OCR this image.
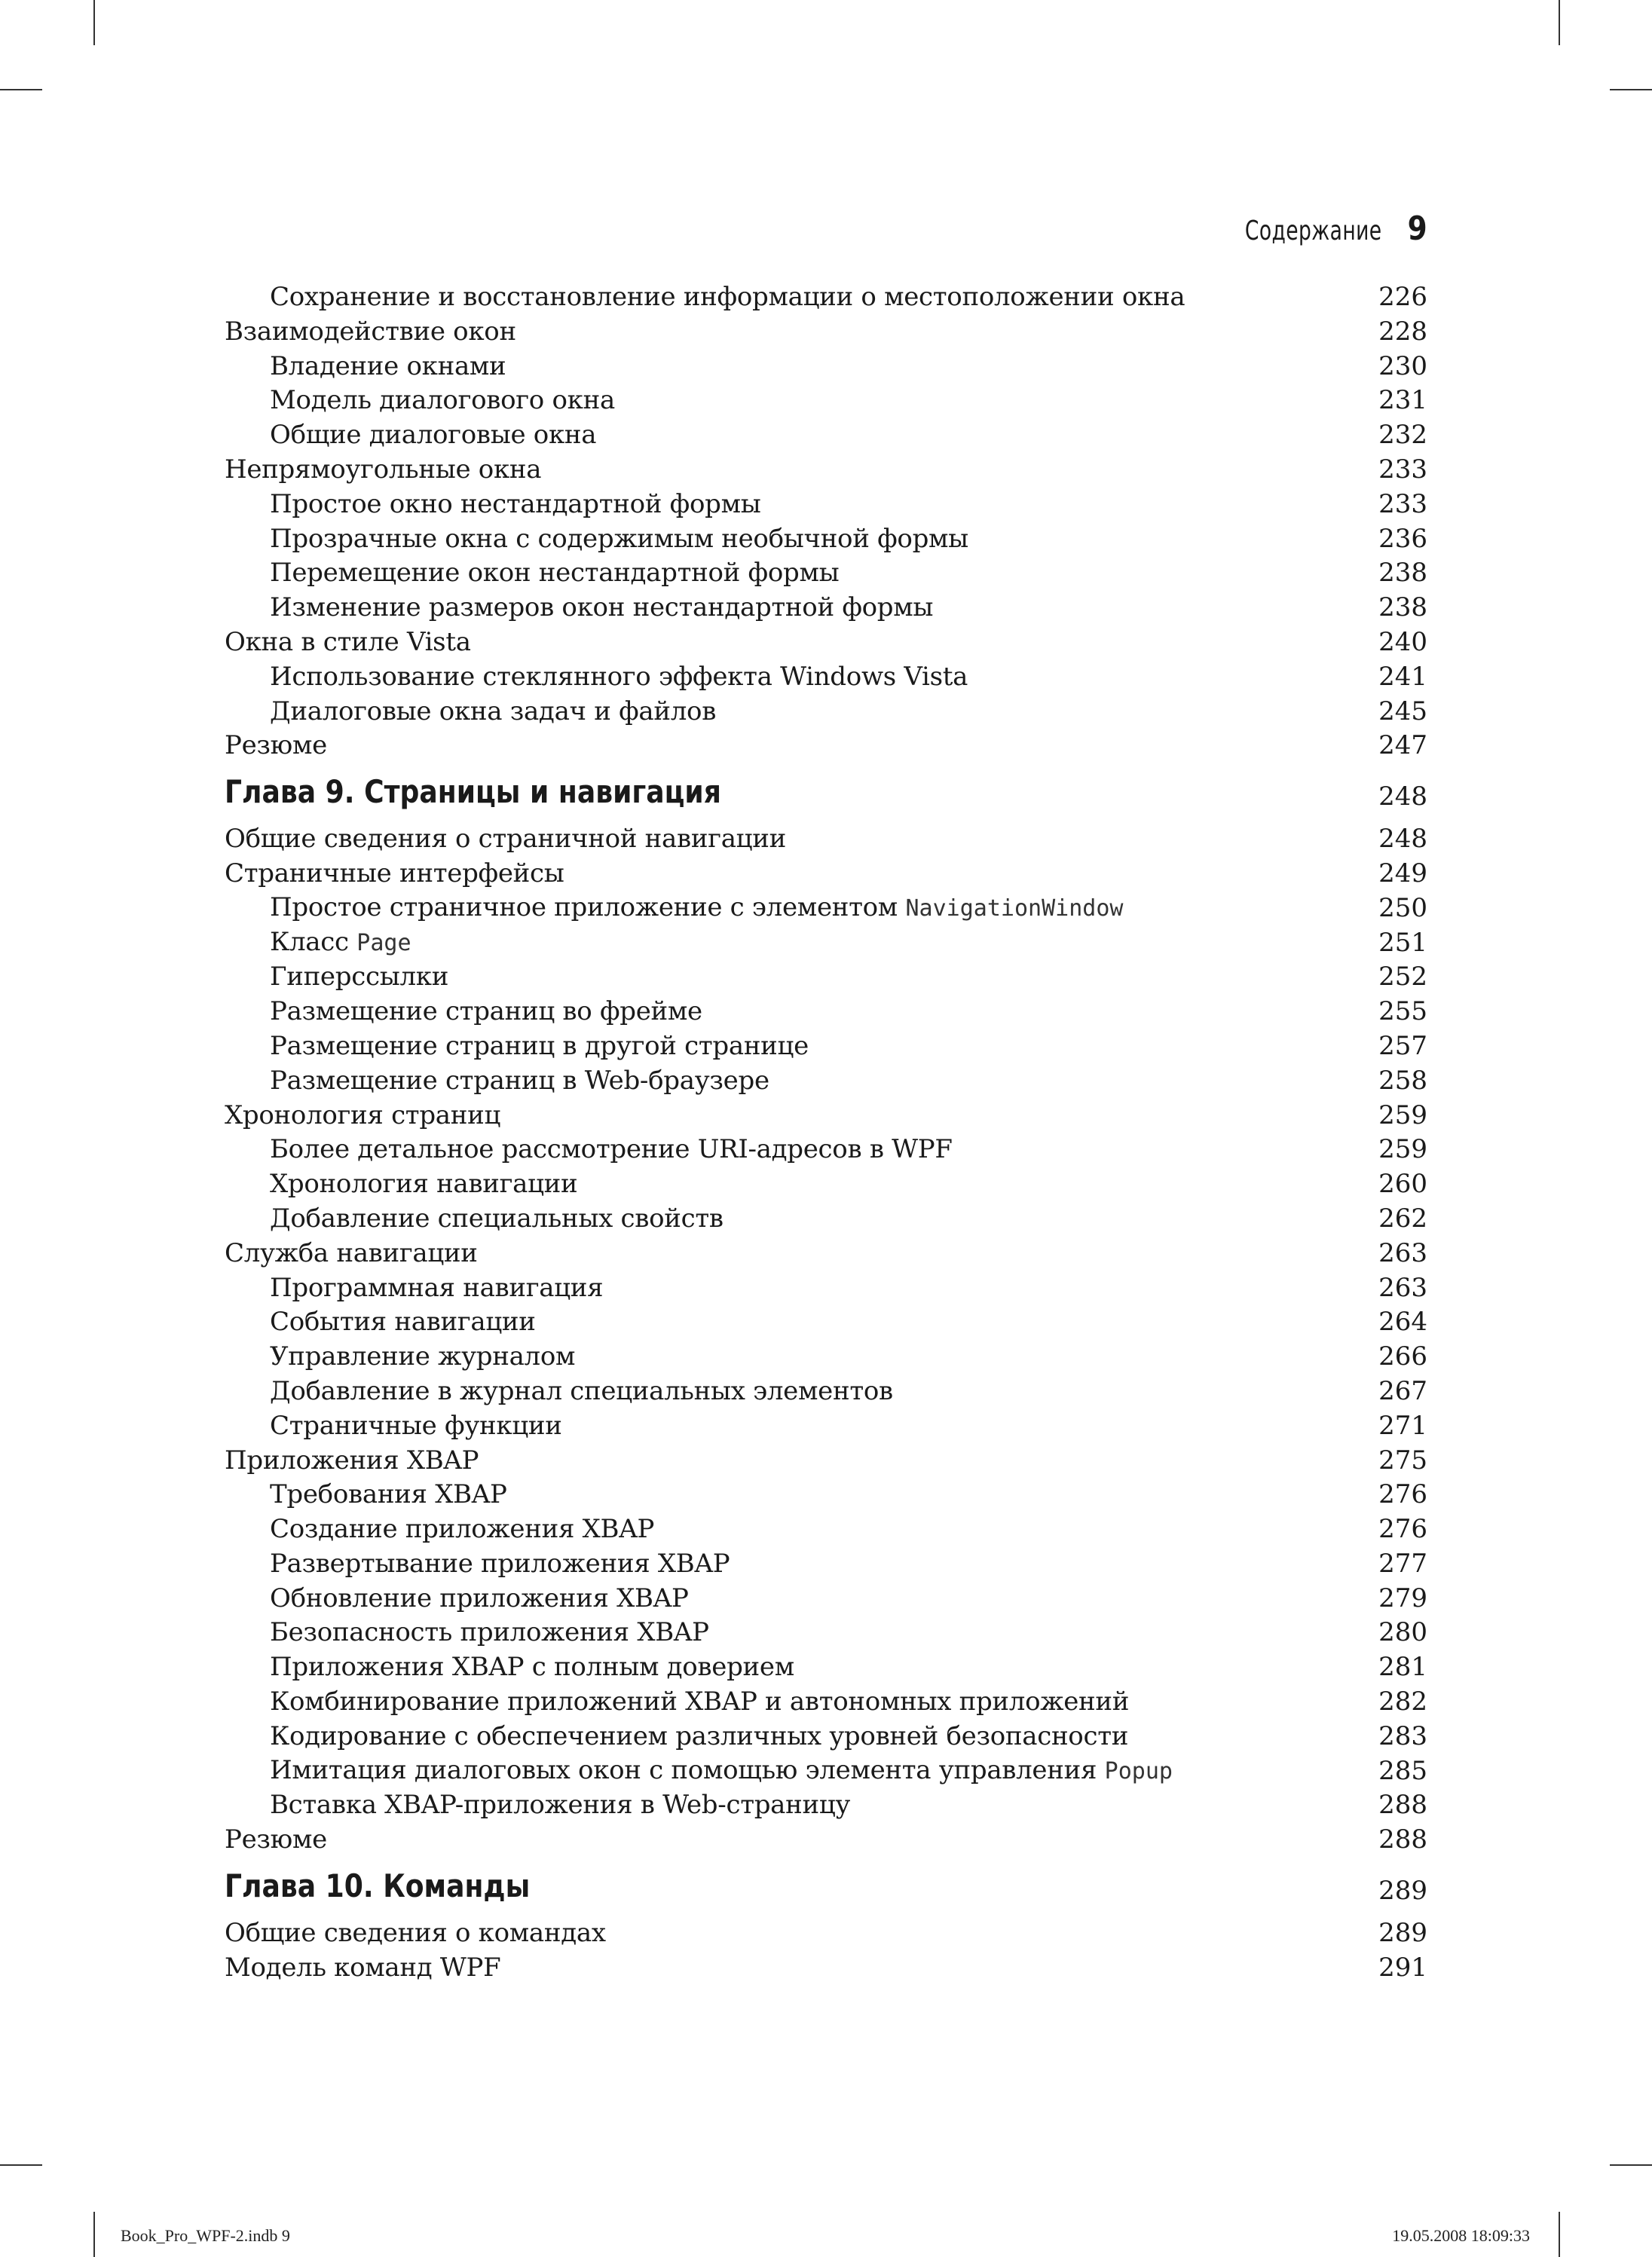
Содержание 9
Сохранение и восстановление информации о местоположении окна	226
Взаимодействие окон	228
Владение окнами	230
Модель диалогового окна	231
Общие диалоговые окна	232
Непрямоугольные окна	233
Простое окно нестандартной формы	233
Прозрачные окна с содержимым необычной формы	236
Перемещение окон нестандартной формы	238
Изменение размеров окон нестандартной формы	238
Окна в стиле Vista	240
Использование стеклянного эффекта Windows Vista	241
Диалоговые окна задач и файлов	245
Резюме	247
Глава 9. Страницы и навигация	248
Общие сведения о страничной навигации	248
Страничные интерфейсы	249
Простое страничное приложение с элементом NavigationWindow	250
Класс Page	251
Гиперссылки	252
Размещение страниц во фрейме	255
Размещение страниц в другой странице	257
Размещение страниц в Web-браузере	258
Хронология страниц	259
Более детальное рассмотрение URI-адресов в WPF	259
Хронология навигации	260
Добавление специальных свойств	262
Служба навигации	263
Программная навигация	263
События навигации	264
Управление журналом	266
Добавление в журнал специальных элементов	267
Страничные функции	271
Приложения XBAP	275
Требования XBAP	276
Создание приложения XBAP	276
Развертывание приложения XBAP	277
Обновление приложения XBAP	279
Безопасность приложения XBAP	280
Приложения XBAP с полным доверием	281
Комбинирование приложений XBAP и автономных приложений	282
Кодирование с обеспечением различных уровней безопасности	283
Имитация диалоговых окон с помощью элемента управления Popup	285
Вставка XBAP-приложения в Web-страницу	288
Резюме	288
Глава 10. Команды	289
Общие сведения о командах	289
Модель команд WPF	291
Book_Pro_WPF-2.indb 9	19.05.2008 18:09:33
